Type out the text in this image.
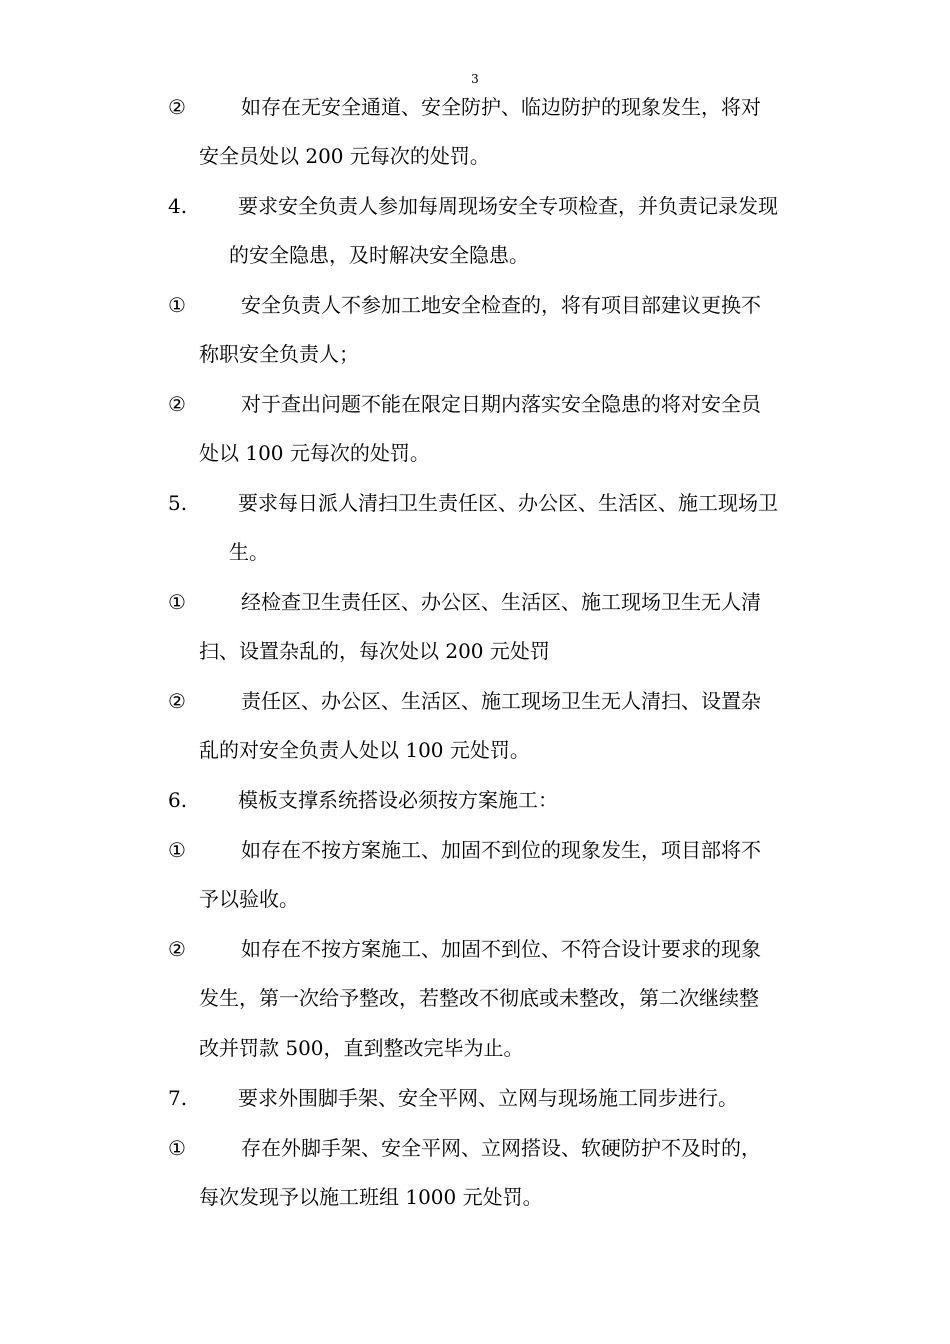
3
②	如存在无安全通道、安全防护、临边防护的现象发生，将对
安全员处以 200 元每次的处罚。
4.	要求安全负责人参加每周现场安全专项检查，并负责记录发现
的安全隐患，及时解决安全隐患。
①	安全负责人不参加工地安全检查的，将有项目部建议更换不
称职安全负责人；
②	对于查出问题不能在限定日期内落实安全隐患的将对安全员
处以 100 元每次的处罚。
5.	要求每日派人清扫卫生责任区、办公区、生活区、施工现场卫
生。
①	经检查卫生责任区、办公区、生活区、施工现场卫生无人清
扫、设置杂乱的，每次处以 200 元处罚
②	责任区、办公区、生活区、施工现场卫生无人清扫、设置杂
乱的对安全负责人处以 100 元处罚。
6.	模板支撑系统搭设必须按方案施工：
①	如存在不按方案施工、加固不到位的现象发生，项目部将不
予以验收。
②	如存在不按方案施工、加固不到位、不符合设计要求的现象
发生，第一次给予整改，若整改不彻底或未整改，第二次继续整
改并罚款 500，直到整改完毕为止。
7.	要求外围脚手架、安全平网、立网与现场施工同步进行。
①	存在外脚手架、安全平网、立网搭设、软硬防护不及时的，
每次发现予以施工班组 1000 元处罚。
